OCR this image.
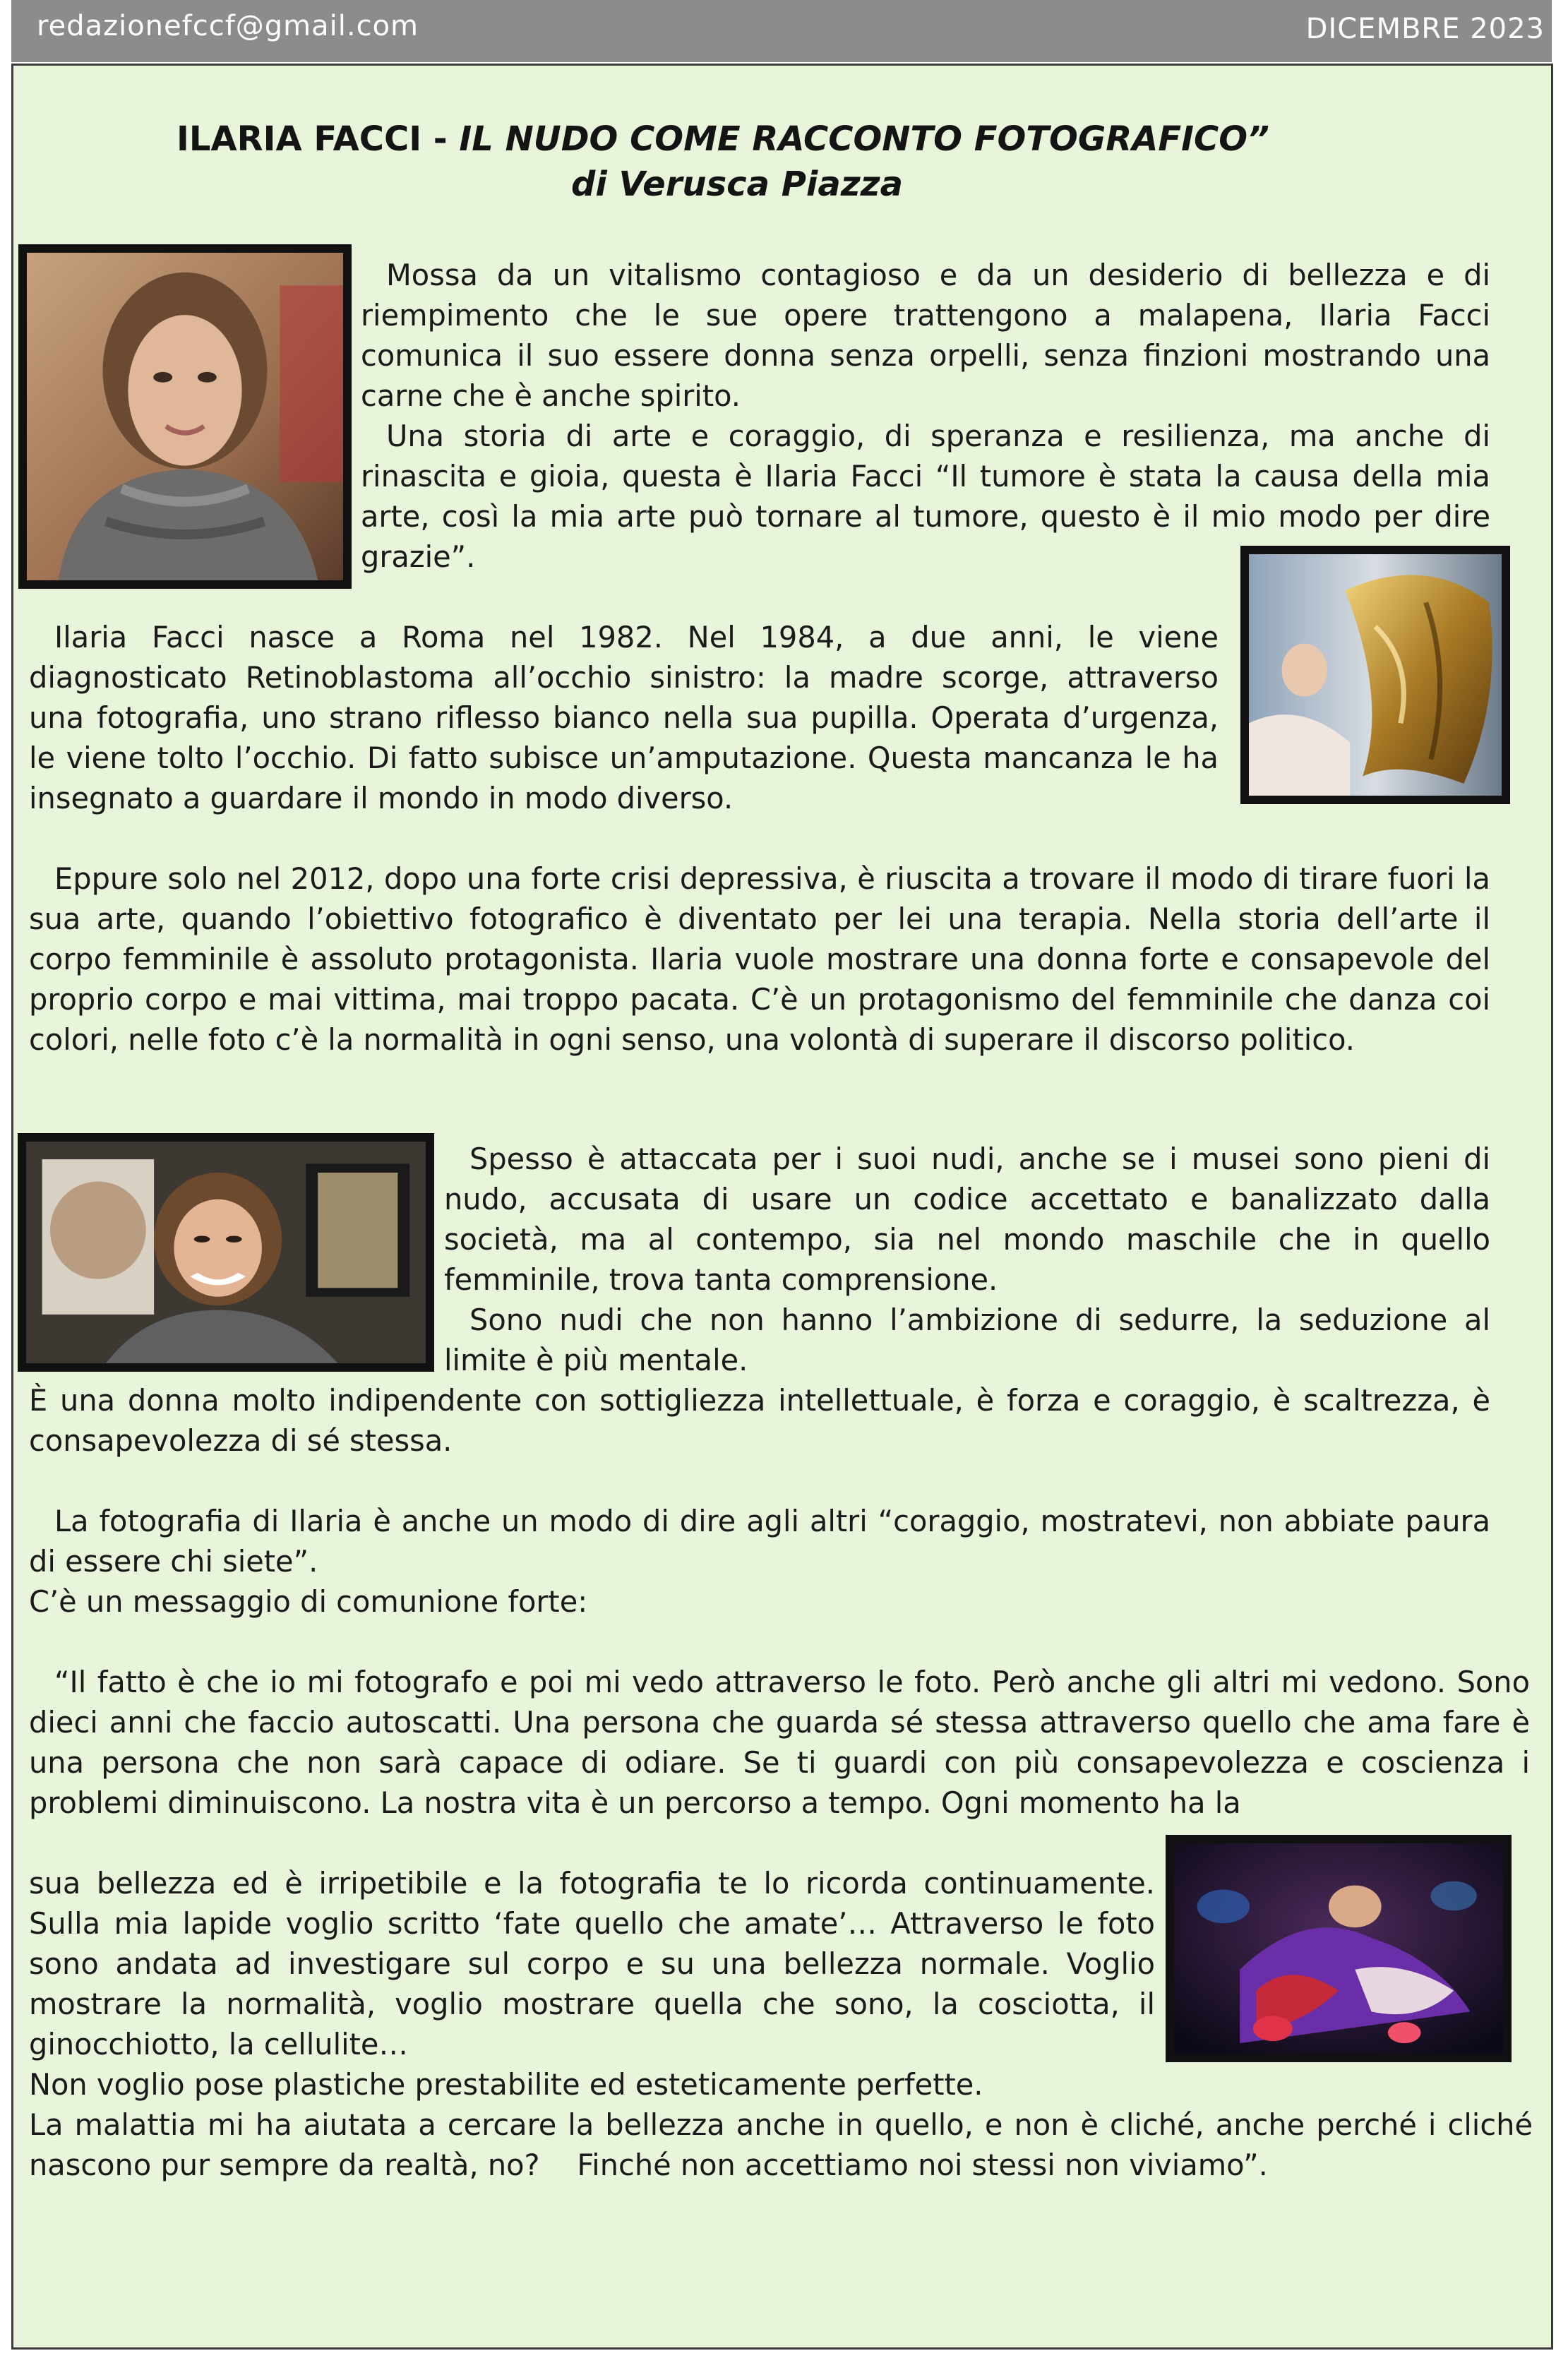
redazionefccf@gmail.com	DICEMBRE 2023
ILARIA FACCI - IL NUDO COME RACCONTO FOTOGRAFICO”
di Verusca Piazza

Mossa da un vitalismo contagioso e da un desiderio di bellezza e di riempimento che le sue opere trattengono a malapena, Ilaria Facci comunica il suo essere donna senza orpelli, senza finzioni mostrando una carne che è anche spirito.

Una storia di arte e coraggio, di speranza e resilienza, ma anche di rinascita e gioia, questa è Ilaria Facci “Il tumore è stata la causa della mia arte, così la mia arte può tornare al tumore, questo è il mio modo per dire grazie”.

Ilaria Facci nasce a Roma nel 1982. Nel 1984, a due anni, le viene diagnosticato Retinoblastoma all’occhio sinistro: la madre scorge, attraverso una fotografia, uno strano riflesso bianco nella sua pupilla. Operata d’urgenza, le viene tolto l’occhio. Di fatto subisce un’amputazione. Questa mancanza le ha insegnato a guardare il mondo in modo diverso.

Eppure solo nel 2012, dopo una forte crisi depressiva, è riuscita a trovare il modo di tirare fuori la sua arte, quando l’obiettivo fotografico è diventato per lei una terapia. Nella storia dell’arte il corpo femminile è assoluto protagonista. Ilaria vuole mostrare una donna forte e consapevole del proprio corpo e mai vittima, mai troppo pacata. C’è un protagonismo del femminile che danza coi colori, nelle foto c’è la normalità in ogni senso, una volontà di superare il discorso politico.

Spesso è attaccata per i suoi nudi, anche se i musei sono pieni di nudo, accusata di usare un codice accettato e banalizzato dalla società, ma al contempo, sia nel mondo maschile che in quello femminile, trova tanta comprensione.

Sono nudi che non hanno l’ambizione di sedurre, la seduzione al limite è più mentale.

È una donna molto indipendente con sottigliezza intellettuale, è forza e coraggio, è scaltrezza, è consapevolezza di sé stessa.

La fotografia di Ilaria è anche un modo di dire agli altri “coraggio, mostratevi, non abbiate paura di essere chi siete”.

C’è un messaggio di comunione forte:

“Il fatto è che io mi fotografo e poi mi vedo attraverso le foto. Però anche gli altri mi vedono. Sono dieci anni che faccio autoscatti. Una persona che guarda sé stessa attraverso quello che ama fare è una persona che non sarà capace di odiare. Se ti guardi con più consapevolezza e coscienza i problemi diminuiscono. La nostra vita è un percorso a tempo. Ogni momento ha la

sua bellezza ed è irripetibile e la fotografia te lo ricorda continuamente. Sulla mia lapide voglio scritto ‘fate quello che amate’… Attraverso le foto sono andata ad investigare sul corpo e su una bellezza normale. Voglio mostrare la normalità, voglio mostrare quella che sono, la cosciotta, il ginocchiotto, la cellulite…

Non voglio pose plastiche prestabilite ed esteticamente perfette.

La malattia mi ha aiutata a cercare la bellezza anche in quello, e non è cliché, anche perché i cliché nascono pur sempre da realtà, no?    Finché non accettiamo noi stessi non viviamo”.
